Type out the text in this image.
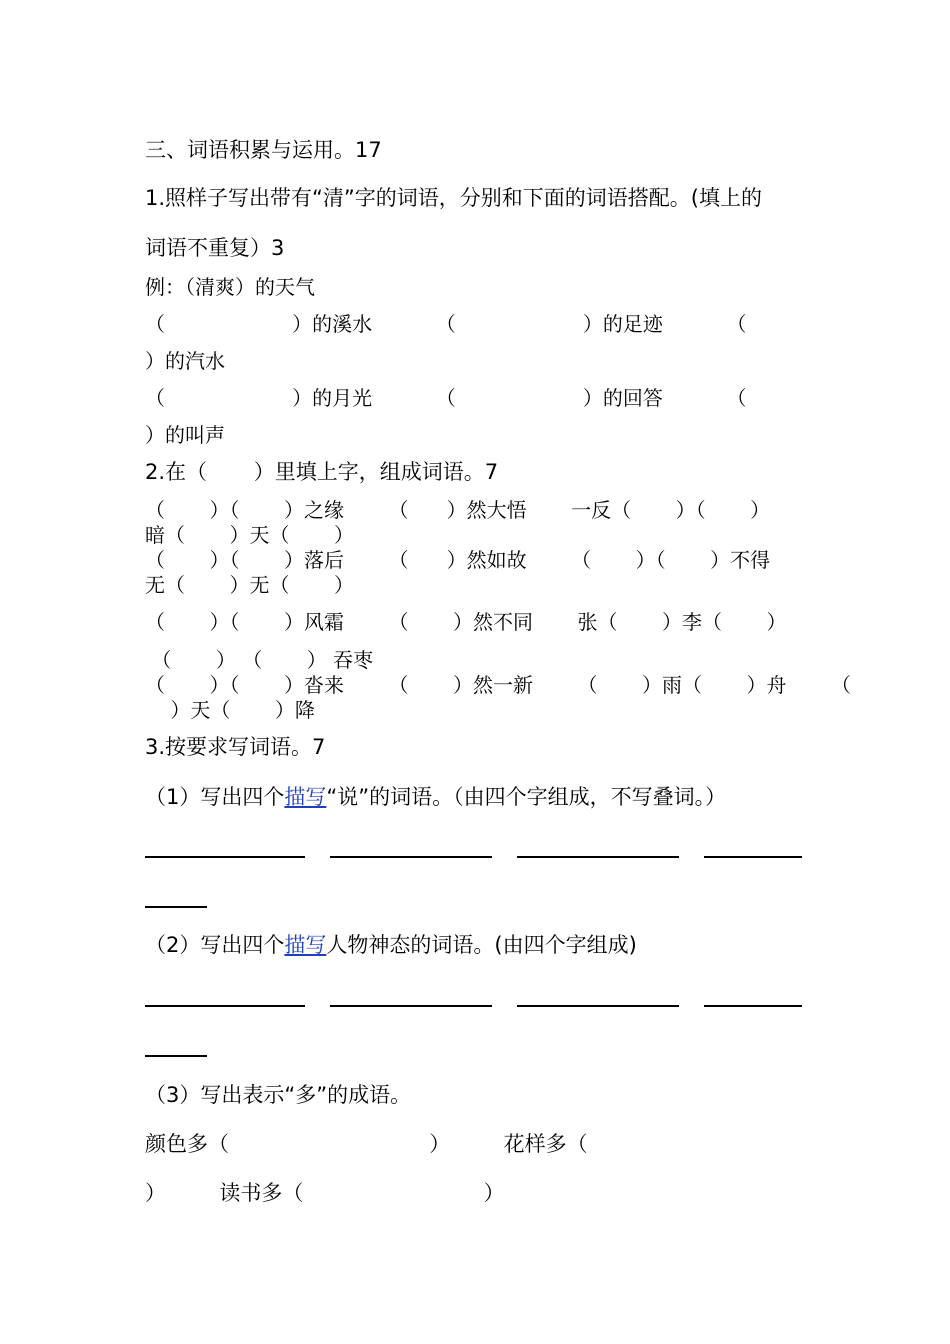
三、词语积累与运用。17
1.照样子写出带有“清”字的词语，分别和下面的词语搭配。(填上的
词语不重复）3
例：（清爽）的天气
（                    ）的溪水          （                    ）的足迹          （
）的汽水
（                    ）的月光          （                    ）的回答          （
）的叫声
2.在（       ）里填上字，组成词语。7
（       ）（       ）之缘       （      ）然大悟       一反（       ）（       ）
暗（       ）天（       ）
（       ）（       ）落后       （      ）然如故       （       ）（       ）不得
无（       ）无（       ）
（       ）（       ）风霜       （       ）然不同       张（       ）李（       ）
（       ） （       ） 吞枣
（       ）（       ）沓来       （       ）然一新       （       ）雨（       ）舟       （
）天（       ）降
3.按要求写词语。7
（1）写出四个描写“说”的词语。（由四个字组成，不写叠词。）
（2）写出四个描写人物神态的词语。(由四个字组成)
（3）写出表示“多”的成语。
颜色多（                              ）        花样多（
）        读书多（                           ）
